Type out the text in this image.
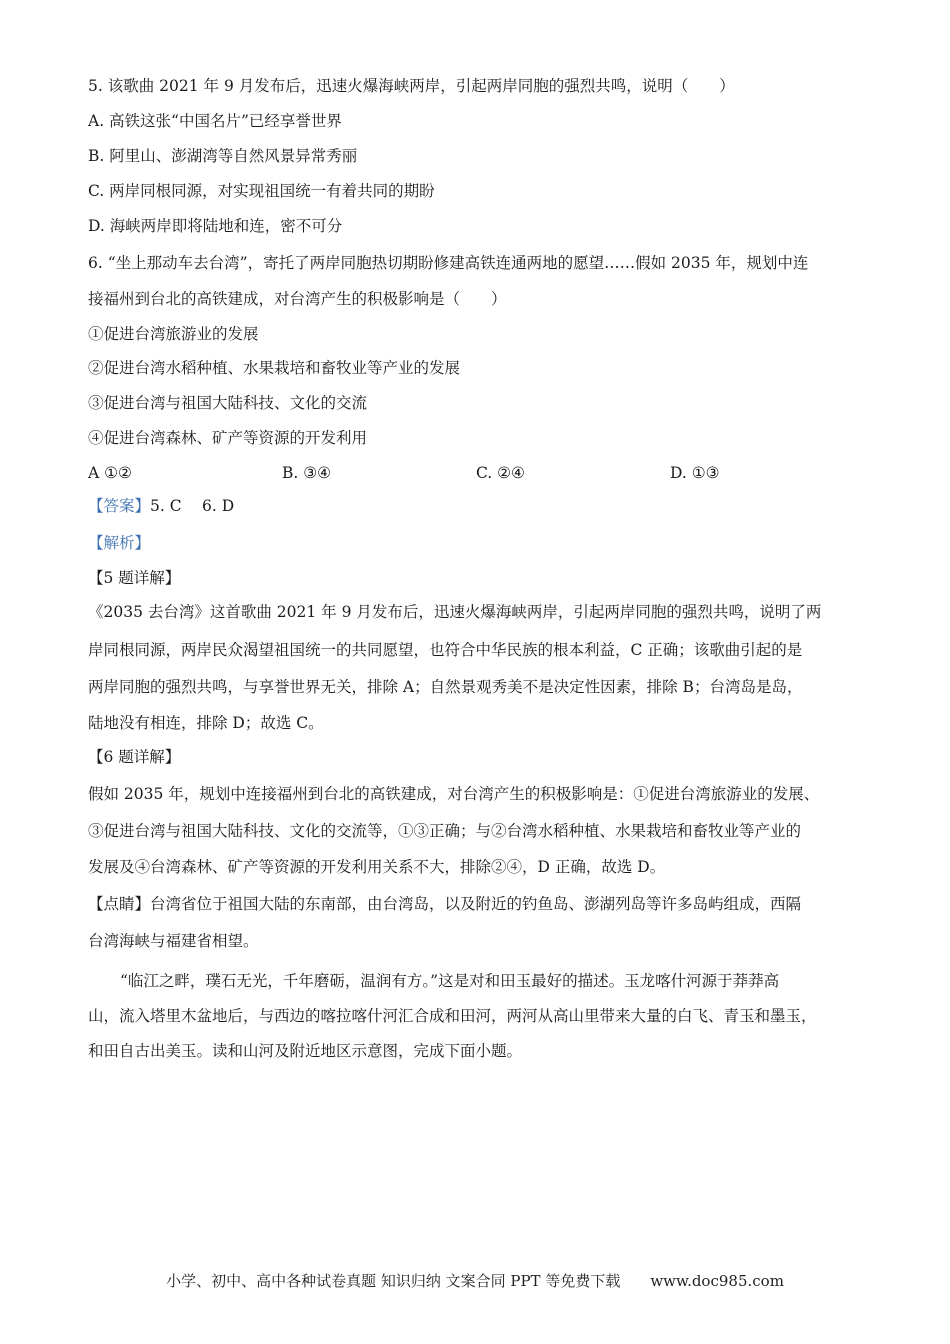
5. 该歌曲 2021 年 9 月发布后，迅速火爆海峡两岸，引起两岸同胞的强烈共鸣，说明（　　）
A. 高铁这张“中国名片”已经享誉世界
B. 阿里山、澎湖湾等自然风景异常秀丽
C. 两岸同根同源，对实现祖国统一有着共同的期盼
D. 海峡两岸即将陆地和连，密不可分
6. “坐上那动车去台湾”，寄托了两岸同胞热切期盼修建高铁连通两地的愿望……假如 2035 年，规划中连
接福州到台北的高铁建成，对台湾产生的积极影响是（　　）
①促进台湾旅游业的发展
②促进台湾水稻种植、水果栽培和畜牧业等产业的发展
③促进台湾与祖国大陆科技、文化的交流
④促进台湾森林、矿产等资源的开发利用
A ①②	B. ③④	C. ②④	D. ①③
【答案】5. C　 6. D
【解析】
【5 题详解】
《2035 去台湾》这首歌曲 2021 年 9 月发布后，迅速火爆海峡两岸，引起两岸同胞的强烈共鸣，说明了两
岸同根同源，两岸民众渴望祖国统一的共同愿望，也符合中华民族的根本利益，C 正确；该歌曲引起的是
两岸同胞的强烈共鸣，与享誉世界无关，排除 A；自然景观秀美不是决定性因素，排除 B；台湾岛是岛，
陆地没有相连，排除 D；故选 C。
【6 题详解】
假如 2035 年，规划中连接福州到台北的高铁建成，对台湾产生的积极影响是：①促进台湾旅游业的发展、
③促进台湾与祖国大陆科技、文化的交流等，①③正确；与②台湾水稻种植、水果栽培和畜牧业等产业的
发展及④台湾森林、矿产等资源的开发利用关系不大，排除②④，D 正确，故选 D。
【点睛】台湾省位于祖国大陆的东南部，由台湾岛，以及附近的钓鱼岛、澎湖列岛等许多岛屿组成，西隔
台湾海峡与福建省相望。
“临江之畔，璞石无光，千年磨砺，温润有方。”这是对和田玉最好的描述。玉龙喀什河源于莽莽高
山，流入塔里木盆地后，与西边的喀拉喀什河汇合成和田河，两河从高山里带来大量的白飞、青玉和墨玉，
和田自古出美玉。读和山河及附近地区示意图，完成下面小题。
小学、初中、高中各种试卷真题 知识归纳 文案合同 PPT 等免费下载　　www.doc985.com
